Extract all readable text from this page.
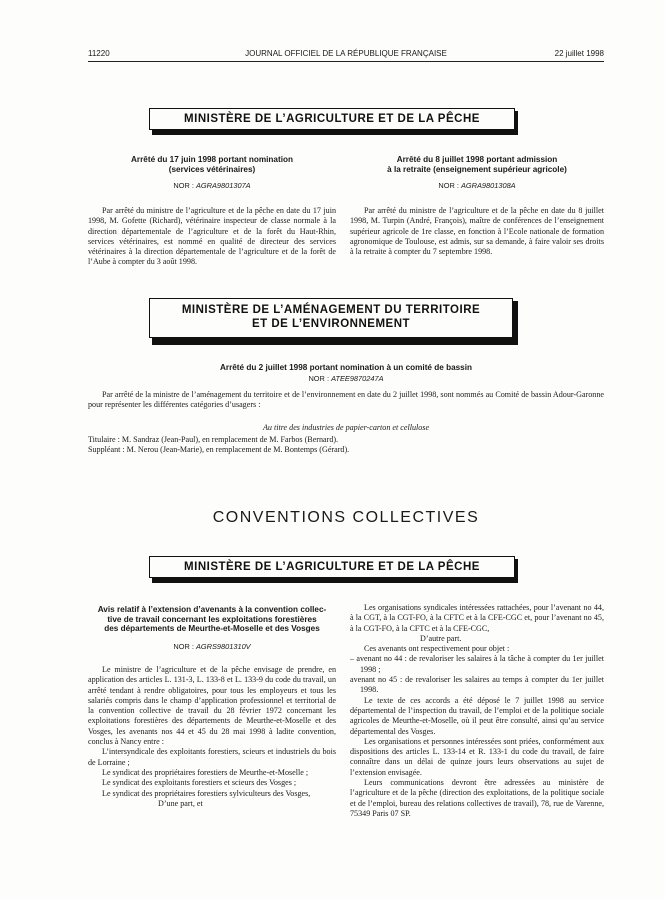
11220	JOURNAL OFFICIEL DE LA RÉPUBLIQUE FRANÇAISE	22 juillet 1998
MINISTÈRE DE L’AGRICULTURE ET DE LA PÊCHE
Arrêté du 17 juin 1998 portant nomination
(services vétérinaires)
NOR : AGRA9801307A

Par arrêté du ministre de l’agriculture et de la pêche en date du 17 juin 1998, M. Gofette (Richard), vétérinaire inspecteur de classe normale à la direction départementale de l’agriculture et de la forêt du Haut-Rhin, services vétérinaires, est nommé en qualité de directeur des services vétérinaires à la direction départementale de l’agriculture et de la forêt de l’Aube à compter du 3 août 1998.

Arrêté du 8 juillet 1998 portant admission
à la retraite (enseignement supérieur agricole)
NOR : AGRA9801308A

Par arrêté du ministre de l’agriculture et de la pêche en date du 8 juillet 1998, M. Turpin (André, François), maître de conférences de l’enseignement supérieur agricole de 1re classe, en fonction à l’Ecole nationale de formation agronomique de Toulouse, est admis, sur sa demande, à faire valoir ses droits à la retraite à compter du 7 septembre 1998.

MINISTÈRE DE L’AMÉNAGEMENT DU TERRITOIRE
ET DE L’ENVIRONNEMENT
Arrêté du 2 juillet 1998 portant nomination à un comité de bassin
NOR : ATEE9870247A

Par arrêté de la ministre de l’aménagement du territoire et de l’environnement en date du 2 juillet 1998, sont nommés au Comité de bassin Adour-Garonne pour représenter les différentes catégories d’usagers :

Au titre des industries de papier-carton et cellulose

Titulaire : M. Sandraz (Jean-Paul), en remplacement de M. Farbos (Bernard).

Suppléant : M. Nerou (Jean-Marie), en remplacement de M. Bontemps (Gérard).

CONVENTIONS COLLECTIVES
MINISTÈRE DE L’AGRICULTURE ET DE LA PÊCHE
Avis relatif à l’extension d’avenants à la convention collec-
tive de travail concernant les exploitations forestières
des départements de Meurthe-et-Moselle et des Vosges
NOR : AGRS9801310V

Le ministre de l’agriculture et de la pêche envisage de prendre, en application des articles L. 131-3, L. 133-8 et L. 133-9 du code du travail, un arrêté tendant à rendre obligatoires, pour tous les employeurs et tous les salariés compris dans le champ d’application professionnel et territorial de la convention collective de travail du 28 février 1972 concernant les exploitations forestières des départements de Meurthe-et-Moselle et des Vosges, les avenants nos 44 et 45 du 28 mai 1998 à ladite convention, conclus à Nancy entre :

L’intersyndicale des exploitants forestiers, scieurs et industriels du bois de Lorraine ;

Le syndicat des propriétaires forestiers de Meurthe-et-Moselle ;

Le syndicat des exploitants forestiers et scieurs des Vosges ;

Le syndicat des propriétaires forestiers sylviculteurs des Vosges,

D’une part, et

Les organisations syndicales intéressées rattachées, pour l’avenant no 44, à la CGT, à la CGT-FO, à la CFTC et à la CFE-CGC et, pour l’avenant no 45, à la CGT-FO, à la CFTC et à la CFE-CGC,

D’autre part.

Ces avenants ont respectivement pour objet :

– avenant no 44 : de revaloriser les salaires à la tâche à compter du 1er juillet 1998 ;

avenant no 45 : de revaloriser les salaires au temps à compter du 1er juillet 1998.

Le texte de ces accords a été déposé le 7 juillet 1998 au service départemental de l’inspection du travail, de l’emploi et de la politique sociale agricoles de Meurthe-et-Moselle, où il peut être consulté, ainsi qu’au service départemental des Vosges.

Les organisations et personnes intéressées sont priées, conformément aux dispositions des articles L. 133-14 et R. 133-1 du code du travail, de faire connaître dans un délai de quinze jours leurs observations au sujet de l’extension envisagée.

Leurs communications devront être adressées au ministère de l’agriculture et de la pêche (direction des exploitations, de la politique sociale et de l’emploi, bureau des relations collectives de travail), 78, rue de Varenne, 75349 Paris 07 SP.
